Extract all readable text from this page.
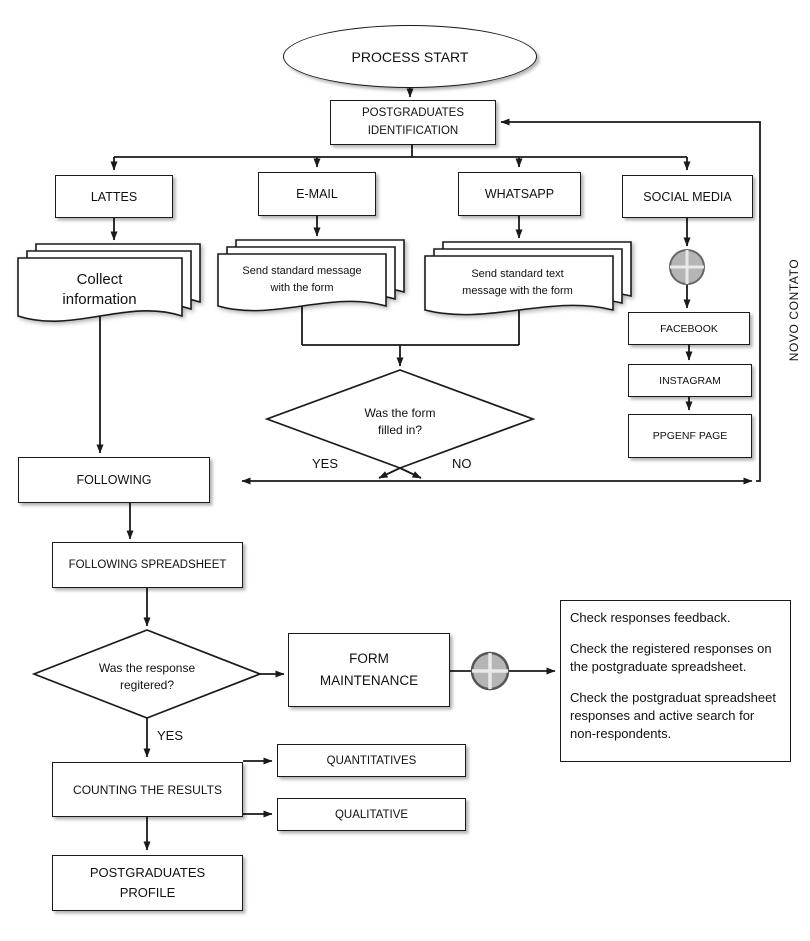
PROCESS START
POSTGRADUATES IDENTIFICATION
LATTES	E-MAIL	WHATSAPP	SOCIAL MEDIA
Collect information
Send standard message with the form
Send standard text message with the form
FACEBOOK
INSTAGRAM
PPGENF PAGE
Was the form filled in?
Was the response regitered?
YES	NO
YES
NOVO CONTATO
FOLLOWING
FOLLOWING SPREADSHEET
FORM MAINTENANCE
COUNTING THE RESULTS
QUANTITATIVES
QUALITATIVE
POSTGRADUATES PROFILE
Check responses feedback.
Check the registered responses on the postgraduate spreadsheet.
Check the postgraduat spreadsheet responses and active search for non-respondents.
